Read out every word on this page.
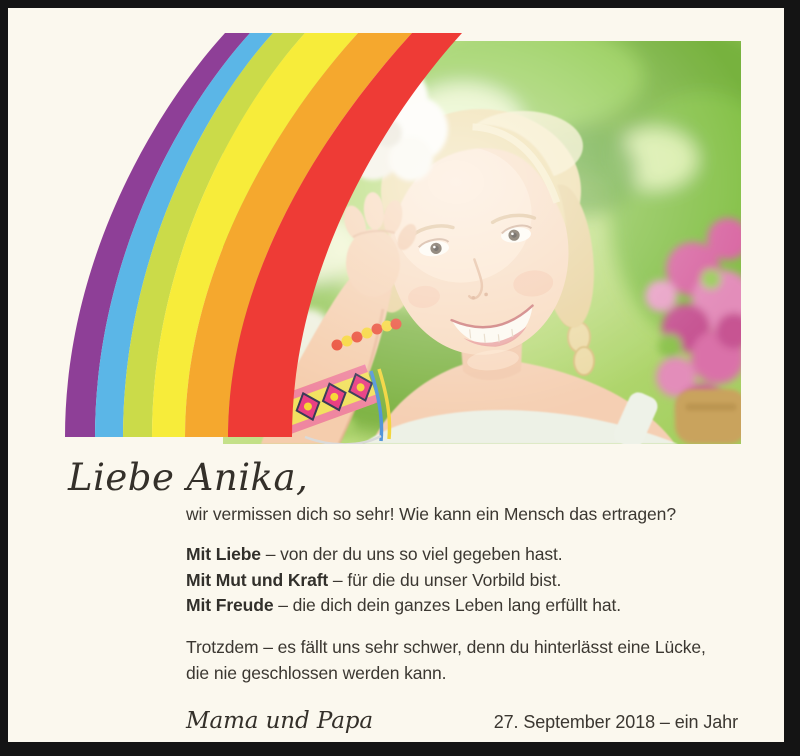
Liebe Anika,

wir vermissen dich so sehr! Wie kann ein Mensch das ertragen?

Mit Liebe – von der du uns so viel gegeben hast.

Mit Mut und Kraft – für die du unser Vorbild bist.

Mit Freude – die dich dein ganzes Leben lang erfüllt hat.

Trotzdem – es fällt uns sehr schwer, denn du hinterlässt eine Lücke,
die nie geschlossen werden kann.

Mama und Papa	27. September 2018 – ein Jahr
